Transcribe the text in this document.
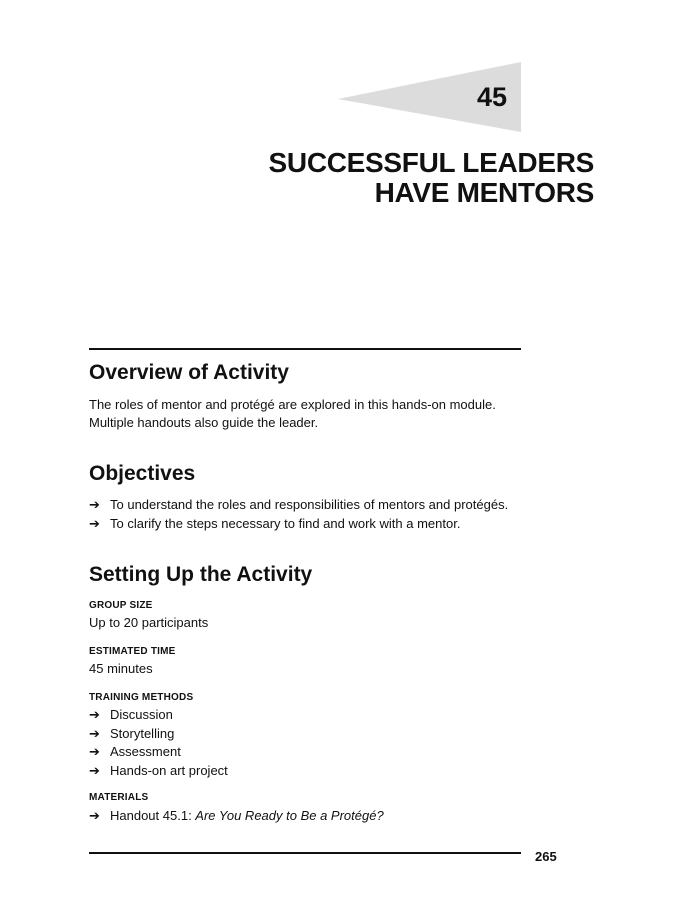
45
SUCCESSFUL LEADERS
HAVE MENTORS
Overview of Activity

The roles of mentor and protégé are explored in this hands-on module. Multiple handouts also guide the leader.

Objectives
➔ To understand the roles and responsibilities of mentors and protégés.
➔ To clarify the steps necessary to find and work with a mentor.
Setting Up the Activity
GROUP SIZE
Up to 20 participants
ESTIMATED TIME
45 minutes
TRAINING METHODS
➔ Discussion
➔ Storytelling
➔ Assessment
➔ Hands-on art project
MATERIALS
➔ Handout 45.1: Are You Ready to Be a Protégé?
265
